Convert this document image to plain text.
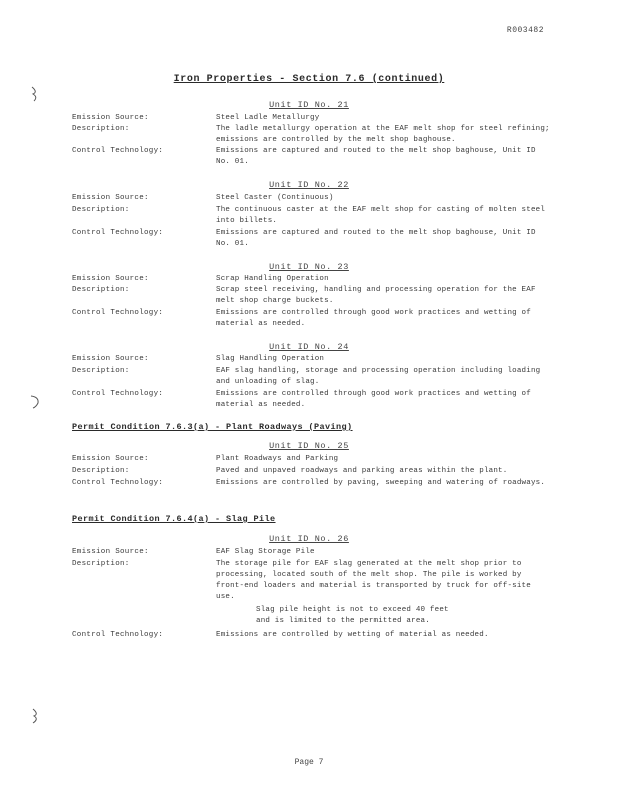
R003482
Iron Properties - Section 7.6 (continued)
Unit ID No. 21
Emission Source:	Steel Ladle Metallurgy
Description:	The ladle metallurgy operation at the EAF melt shop for steel refining; emissions are controlled by the melt shop baghouse.
Control Technology:	Emissions are captured and routed to the melt shop baghouse, Unit ID No. 01.
Unit ID No. 22
Emission Source:	Steel Caster (Continuous)
Description:	The continuous caster at the EAF melt shop for casting of molten steel into billets.
Control Technology:	Emissions are captured and routed to the melt shop baghouse, Unit ID No. 01.
Unit ID No. 23
Emission Source:	Scrap Handling Operation
Description:	Scrap steel receiving, handling and processing operation for the EAF melt shop charge buckets.
Control Technology:	Emissions are controlled through good work practices and wetting of material as needed.
Unit ID No. 24
Emission Source:	Slag Handling Operation
Description:	EAF slag handling, storage and processing operation including loading and unloading of slag.
Control Technology:	Emissions are controlled through good work practices and wetting of material as needed.
Permit Condition 7.6.3(a) - Plant Roadways (Paving)
Unit ID No. 25
Emission Source:	Plant Roadways and Parking
Description:	Paved and unpaved roadways and parking areas within the plant.
Control Technology:	Emissions are controlled by paving, sweeping and watering of roadways.
Permit Condition 7.6.4(a) - Slag Pile
Unit ID No. 26
Emission Source:	EAF Slag Storage Pile
Description:	The storage pile for EAF slag generated at the melt shop prior to processing, located south of the melt shop. The pile is worked by front-end loaders and material is transported by truck for off-site use.
Slag pile height is not to exceed 40 feet
and is limited to the permitted area.
Control Technology:	Emissions are controlled by wetting of material as needed.
Page 7
